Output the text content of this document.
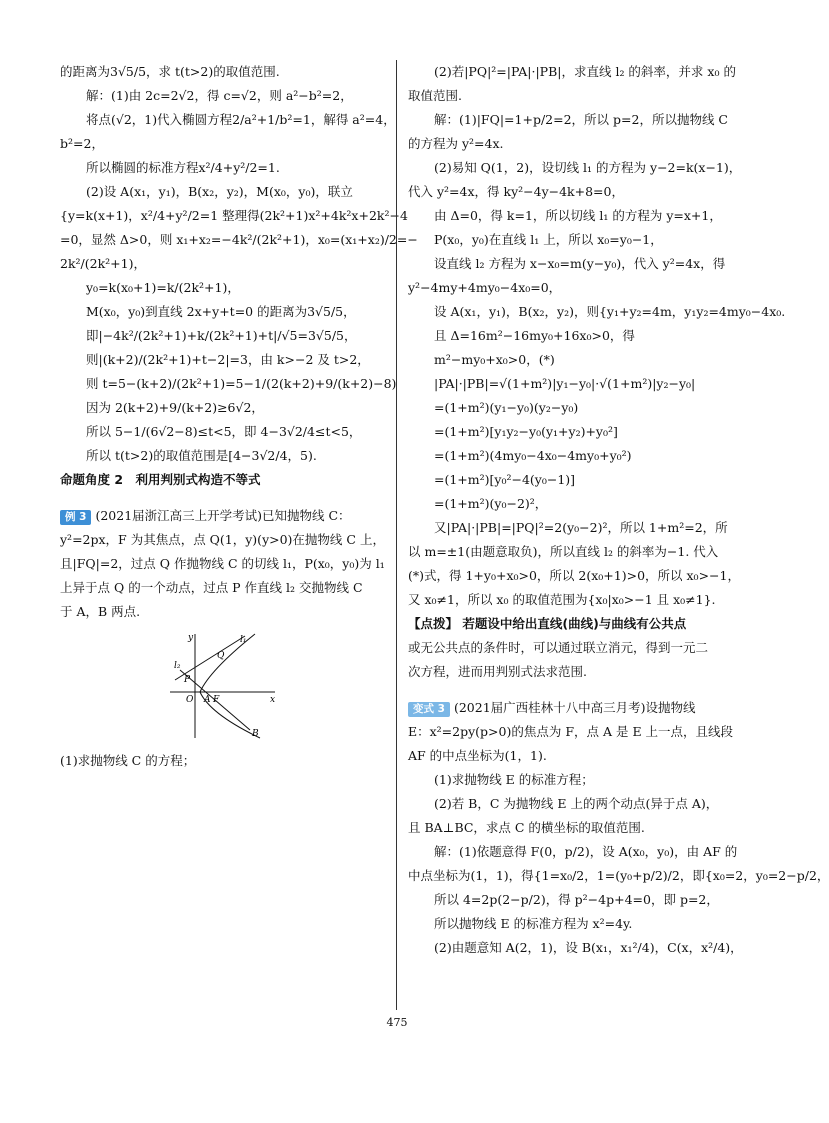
的距离为3√5/5，求 t(t>2)的取值范围.
解：(1)由 2c=2√2，得 c=√2，则 a²−b²=2，
将点(√2，1)代入椭圆方程2/a²+1/b²=1，解得 a²=4，
b²=2，
所以椭圆的标准方程x²/4+y²/2=1.
(2)设 A(x₁，y₁)，B(x₂，y₂)，M(x₀，y₀)，联立
{y=k(x+1)，x²/4+y²/2=1 整理得(2k²+1)x²+4k²x+2k²−4
=0，显然 Δ>0，则 x₁+x₂=−4k²/(2k²+1)，x₀=(x₁+x₂)/2=−
2k²/(2k²+1)，
y₀=k(x₀+1)=k/(2k²+1)，
M(x₀，y₀)到直线 2x+y+t=0 的距离为3√5/5，
即|−4k²/(2k²+1)+k/(2k²+1)+t|/√5=3√5/5，
则|(k+2)/(2k²+1)+t−2|=3，由 k>−2 及 t>2，
则 t=5−(k+2)/(2k²+1)=5−1/(2(k+2)+9/(k+2)−8)
因为 2(k+2)+9/(k+2)≥6√2，
所以 5−1/(6√2−8)≤t<5，即 4−3√2/4≤t<5，
所以 t(t>2)的取值范围是[4−3√2/4，5).
命题角度 2　利用判别式构造不等式
例 3 (2021届浙江高三上开学考试)已知抛物线 C：
y²=2px，F 为其焦点，点 Q(1，y)(y>0)在抛物线 C 上，
且|FQ|=2，过点 Q 作抛物线 C 的切线 l₁，P(x₀，y₀)为 l₁
上异于点 Q 的一个动点，过点 P 作直线 l₂ 交抛物线 C
于 A，B 两点.
y	l₁
Q
l₂
P
O A F	x
B
(1)求抛物线 C 的方程；
(2)若|PQ|²=|PA|·|PB|，求直线 l₂ 的斜率，并求 x₀ 的
取值范围.
解：(1)|FQ|=1+p/2=2，所以 p=2，所以抛物线 C
的方程为 y²=4x.
(2)易知 Q(1，2)，设切线 l₁ 的方程为 y−2=k(x−1)，
代入 y²=4x，得 ky²−4y−4k+8=0，
由 Δ=0，得 k=1，所以切线 l₁ 的方程为 y=x+1，
P(x₀，y₀)在直线 l₁ 上，所以 x₀=y₀−1，
设直线 l₂ 方程为 x−x₀=m(y−y₀)，代入 y²=4x，得
y²−4my+4my₀−4x₀=0，
设 A(x₁，y₁)，B(x₂，y₂)，则{y₁+y₂=4m，y₁y₂=4my₀−4x₀.
且 Δ=16m²−16my₀+16x₀>0，得
m²−my₀+x₀>0，(*)
|PA|·|PB|=√(1+m²)|y₁−y₀|·√(1+m²)|y₂−y₀|
=(1+m²)(y₁−y₀)(y₂−y₀)
=(1+m²)[y₁y₂−y₀(y₁+y₂)+y₀²]
=(1+m²)(4my₀−4x₀−4my₀+y₀²)
=(1+m²)[y₀²−4(y₀−1)]
=(1+m²)(y₀−2)²，
又|PA|·|PB|=|PQ|²=2(y₀−2)²，所以 1+m²=2，所
以 m=±1(由题意取负)，所以直线 l₂ 的斜率为−1. 代入
(*)式，得 1+y₀+x₀>0，所以 2(x₀+1)>0，所以 x₀>−1，
又 x₀≠1，所以 x₀ 的取值范围为{x₀|x₀>−1 且 x₀≠1}.
【点拨】 若题设中给出直线(曲线)与曲线有公共点
或无公共点的条件时，可以通过联立消元，得到一元二
次方程，进而用判别式法求范围.
变式 3 (2021届广西桂林十八中高三月考)设抛物线
E：x²=2py(p>0)的焦点为 F，点 A 是 E 上一点，且线段
AF 的中点坐标为(1，1).
(1)求抛物线 E 的标准方程；
(2)若 B，C 为抛物线 E 上的两个动点(异于点 A)，
且 BA⊥BC，求点 C 的横坐标的取值范围.
解：(1)依题意得 F(0，p/2)，设 A(x₀，y₀)，由 AF 的
中点坐标为(1，1)，得{1=x₀/2，1=(y₀+p/2)/2，即{x₀=2，y₀=2−p/2，
所以 4=2p(2−p/2)，得 p²−4p+4=0，即 p=2，
所以抛物线 E 的标准方程为 x²=4y.
(2)由题意知 A(2，1)，设 B(x₁，x₁²/4)，C(x，x²/4)，
475
